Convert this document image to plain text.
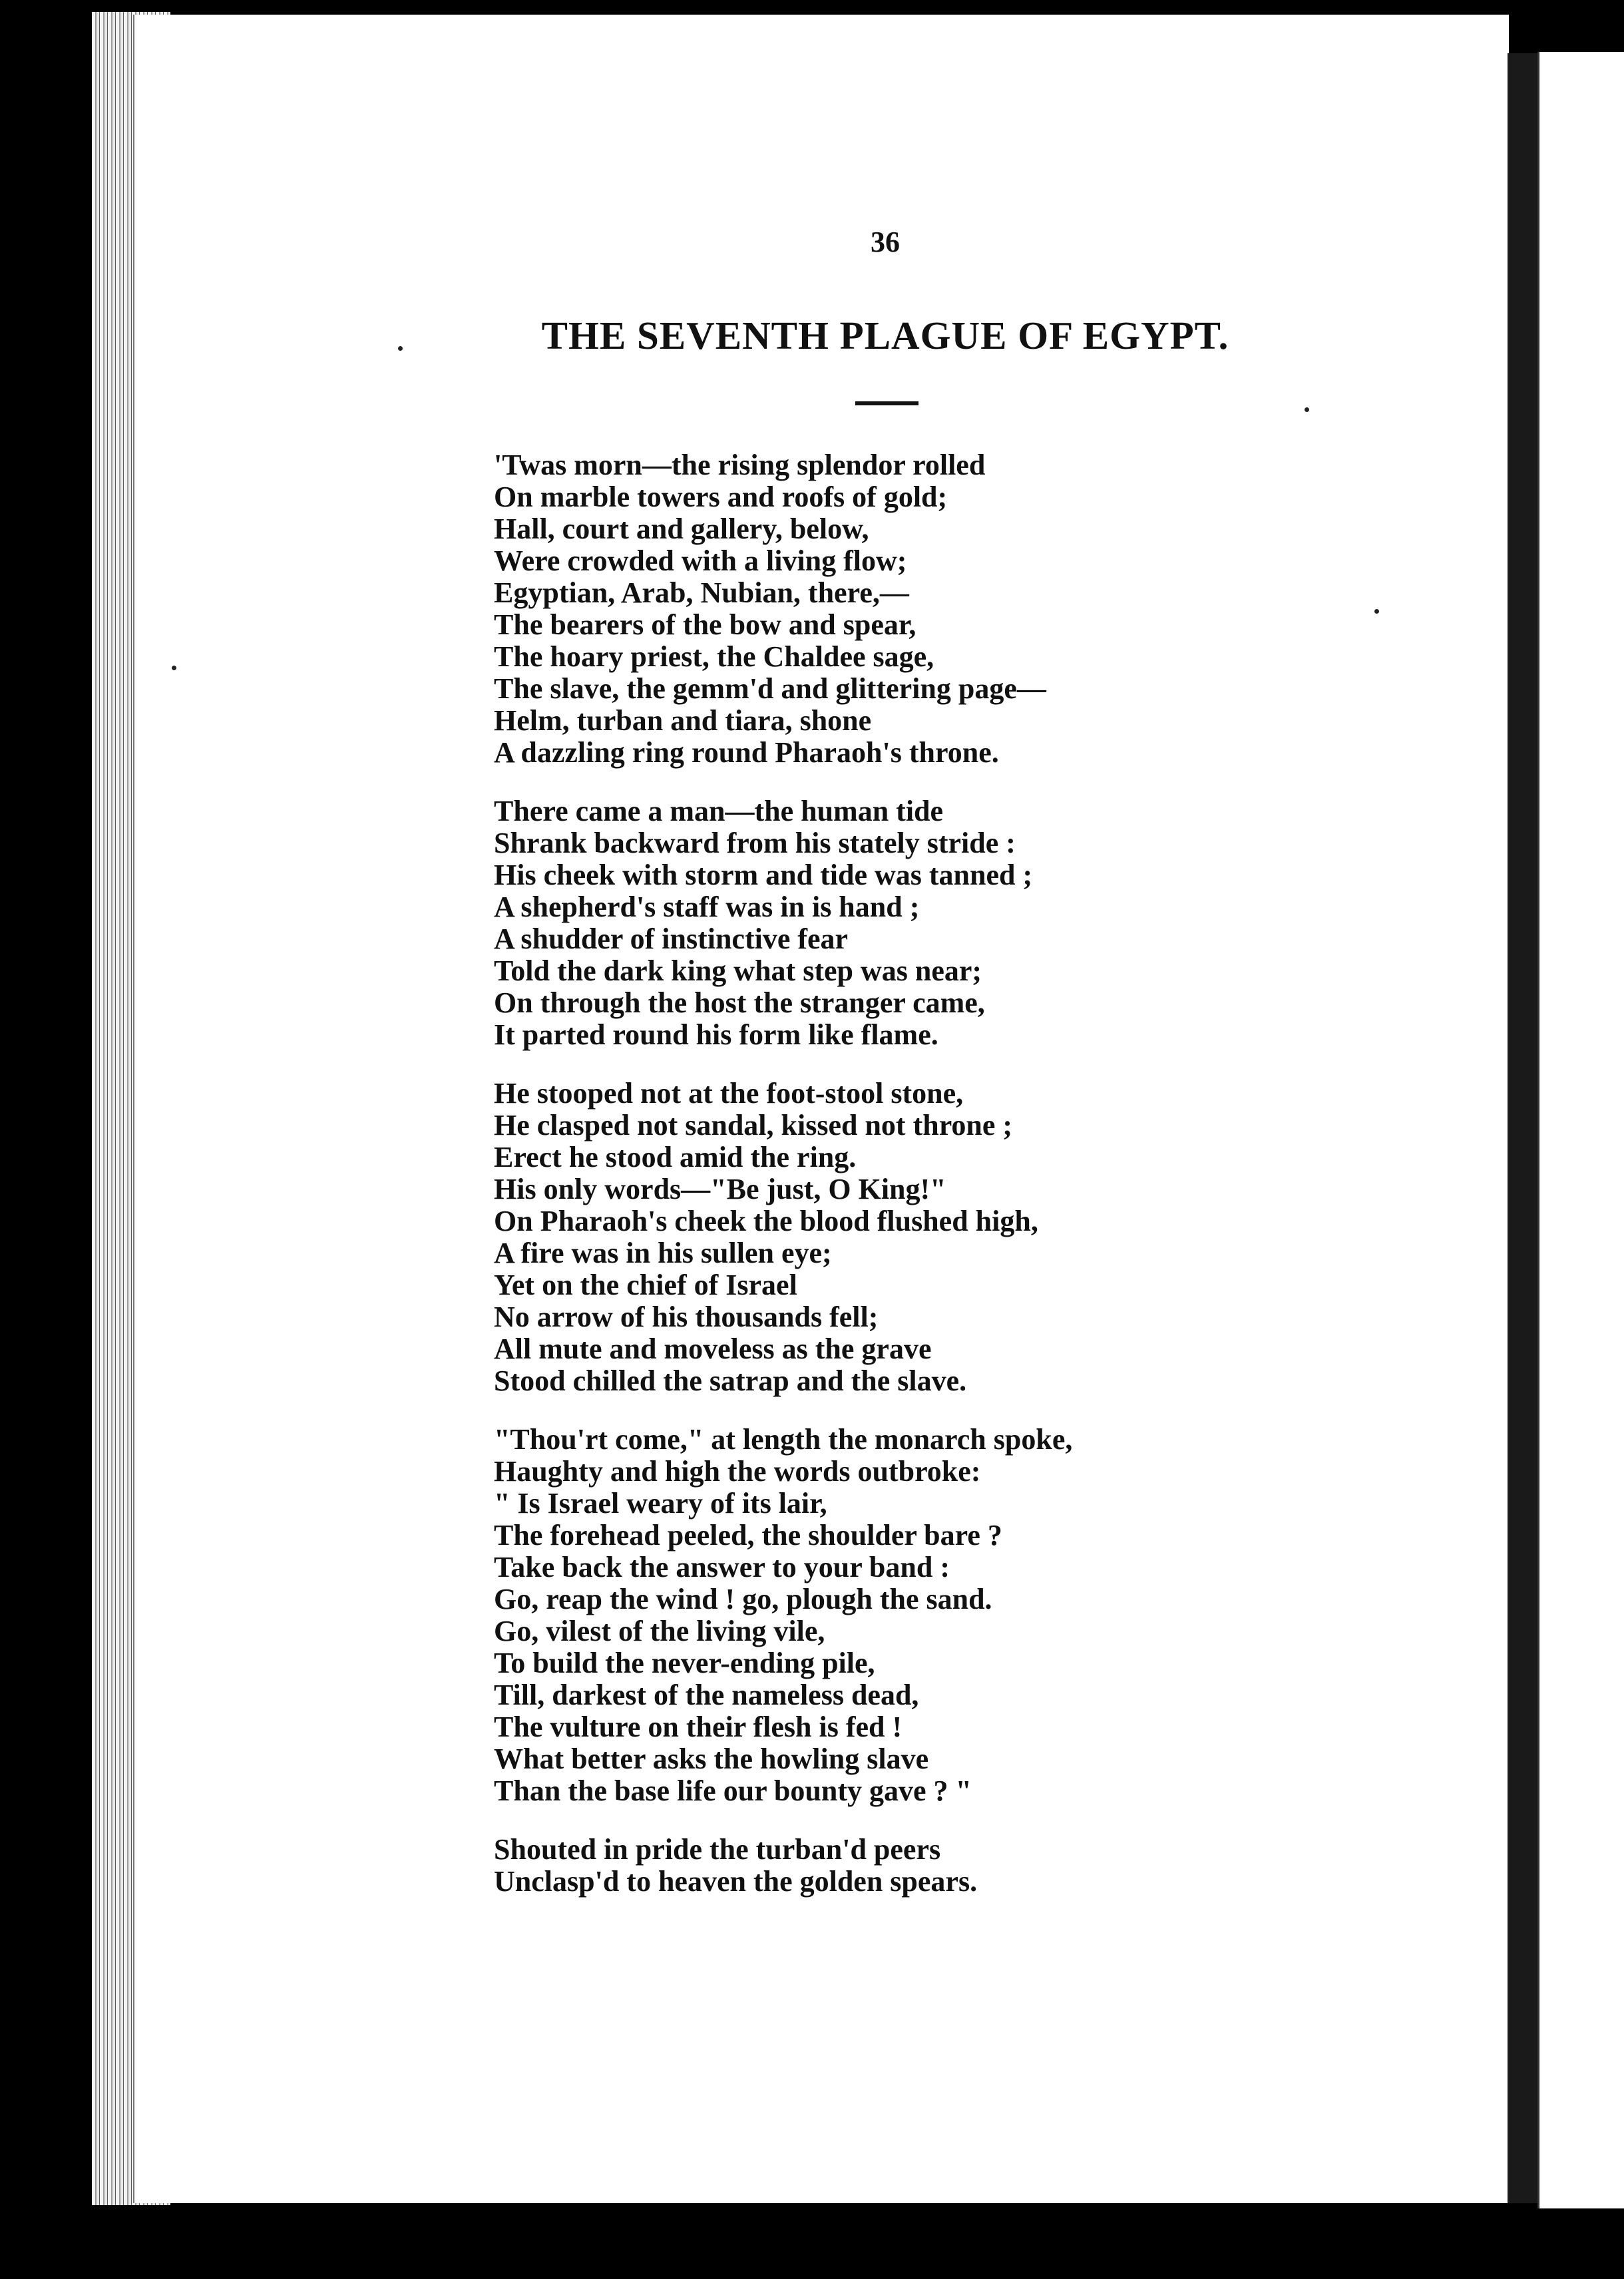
36
THE SEVENTH PLAGUE OF EGYPT.
'Twas morn—the rising splendor rolled
On marble towers and roofs of gold;
Hall, court and gallery, below,
Were crowded with a living flow;
Egyptian, Arab, Nubian, there,—
The bearers of the bow and spear,
The hoary priest, the Chaldee sage,
The slave, the gemm'd and glittering page—
Helm, turban and tiara, shone
A dazzling ring round Pharaoh's throne.
There came a man—the human tide
Shrank backward from his stately stride :
His cheek with storm and tide was tanned ;
A shepherd's staff was in is hand ;
A shudder of instinctive fear
Told the dark king what step was near;
On through the host the stranger came,
It parted round his form like flame.
He stooped not at the foot-stool stone,
He clasped not sandal, kissed not throne ;
Erect he stood amid the ring.
His only words—"Be just, O King!"
On Pharaoh's cheek the blood flushed high,
A fire was in his sullen eye;
Yet on the chief of Israel
No arrow of his thousands fell;
All mute and moveless as the grave
Stood chilled the satrap and the slave.
"Thou'rt come," at length the monarch spoke,
Haughty and high the words outbroke:
" Is Israel weary of its lair,
The forehead peeled, the shoulder bare ?
Take back the answer to your band :
Go, reap the wind ! go, plough the sand.
Go, vilest of the living vile,
To build the never-ending pile,
Till, darkest of the nameless dead,
The vulture on their flesh is fed !
What better asks the howling slave
Than the base life our bounty gave ? "
Shouted in pride the turban'd peers
Unclasp'd to heaven the golden spears.
